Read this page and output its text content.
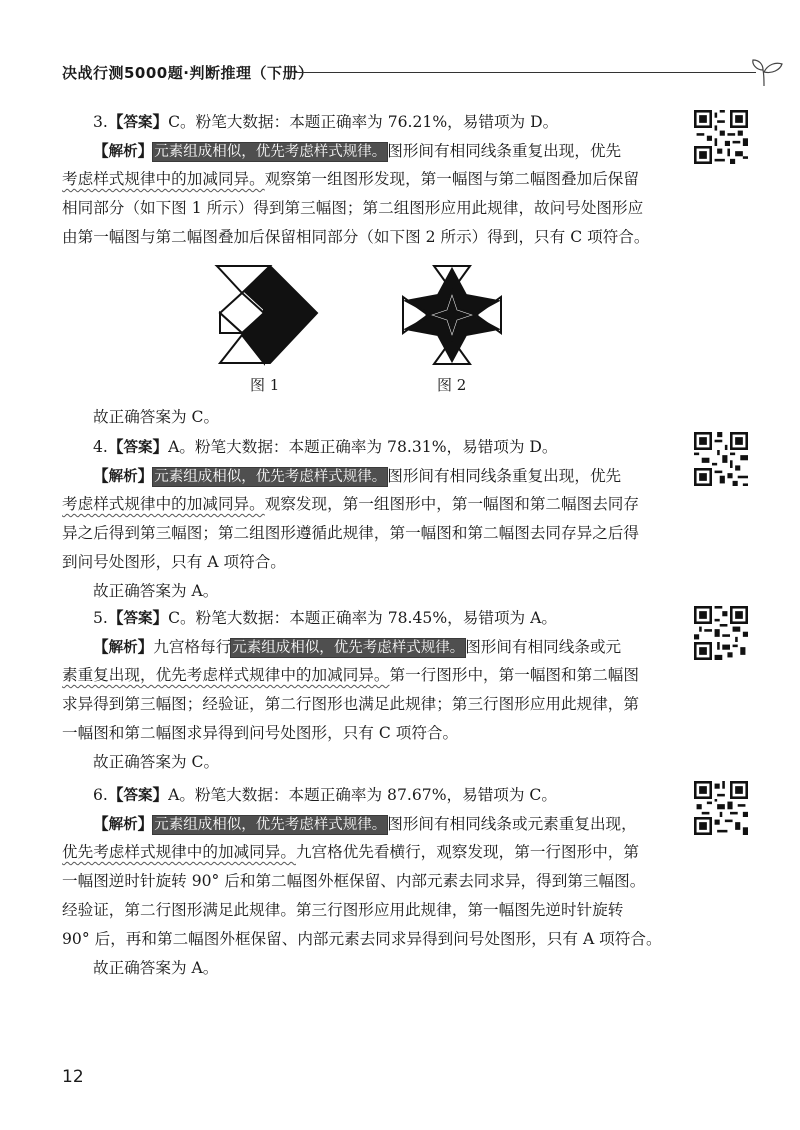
决战行测5000题·判断推理（下册）
3.【答案】C。粉笔大数据：本题正确率为 76.21%，易错项为 D。
【解析】元素组成相似，优先考虑样式规律。图形间有相同线条重复出现，优先
考虑样式规律中的加减同异。观察第一组图形发现，第一幅图与第二幅图叠加后保留
相同部分（如下图 1 所示）得到第三幅图；第二组图形应用此规律，故问号处图形应
由第一幅图与第二幅图叠加后保留相同部分（如下图 2 所示）得到，只有 C 项符合。
图 1	图 2
故正确答案为 C。
4.【答案】A。粉笔大数据：本题正确率为 78.31%，易错项为 D。
【解析】元素组成相似，优先考虑样式规律。图形间有相同线条重复出现，优先
考虑样式规律中的加减同异。观察发现，第一组图形中，第一幅图和第二幅图去同存
异之后得到第三幅图；第二组图形遵循此规律，第一幅图和第二幅图去同存异之后得
到问号处图形，只有 A 项符合。
故正确答案为 A。
5.【答案】C。粉笔大数据：本题正确率为 78.45%，易错项为 A。
【解析】九宫格每行元素组成相似，优先考虑样式规律。图形间有相同线条或元
素重复出现，优先考虑样式规律中的加减同异。第一行图形中，第一幅图和第二幅图
求异得到第三幅图；经验证，第二行图形也满足此规律；第三行图形应用此规律，第
一幅图和第二幅图求异得到问号处图形，只有 C 项符合。
故正确答案为 C。
6.【答案】A。粉笔大数据：本题正确率为 87.67%，易错项为 C。
【解析】元素组成相似，优先考虑样式规律。图形间有相同线条或元素重复出现，
优先考虑样式规律中的加减同异。九宫格优先看横行，观察发现，第一行图形中，第
一幅图逆时针旋转 90° 后和第二幅图外框保留、内部元素去同求异，得到第三幅图。
经验证，第二行图形满足此规律。第三行图形应用此规律，第一幅图先逆时针旋转
90° 后，再和第二幅图外框保留、内部元素去同求异得到问号处图形，只有 A 项符合。
故正确答案为 A。
12
